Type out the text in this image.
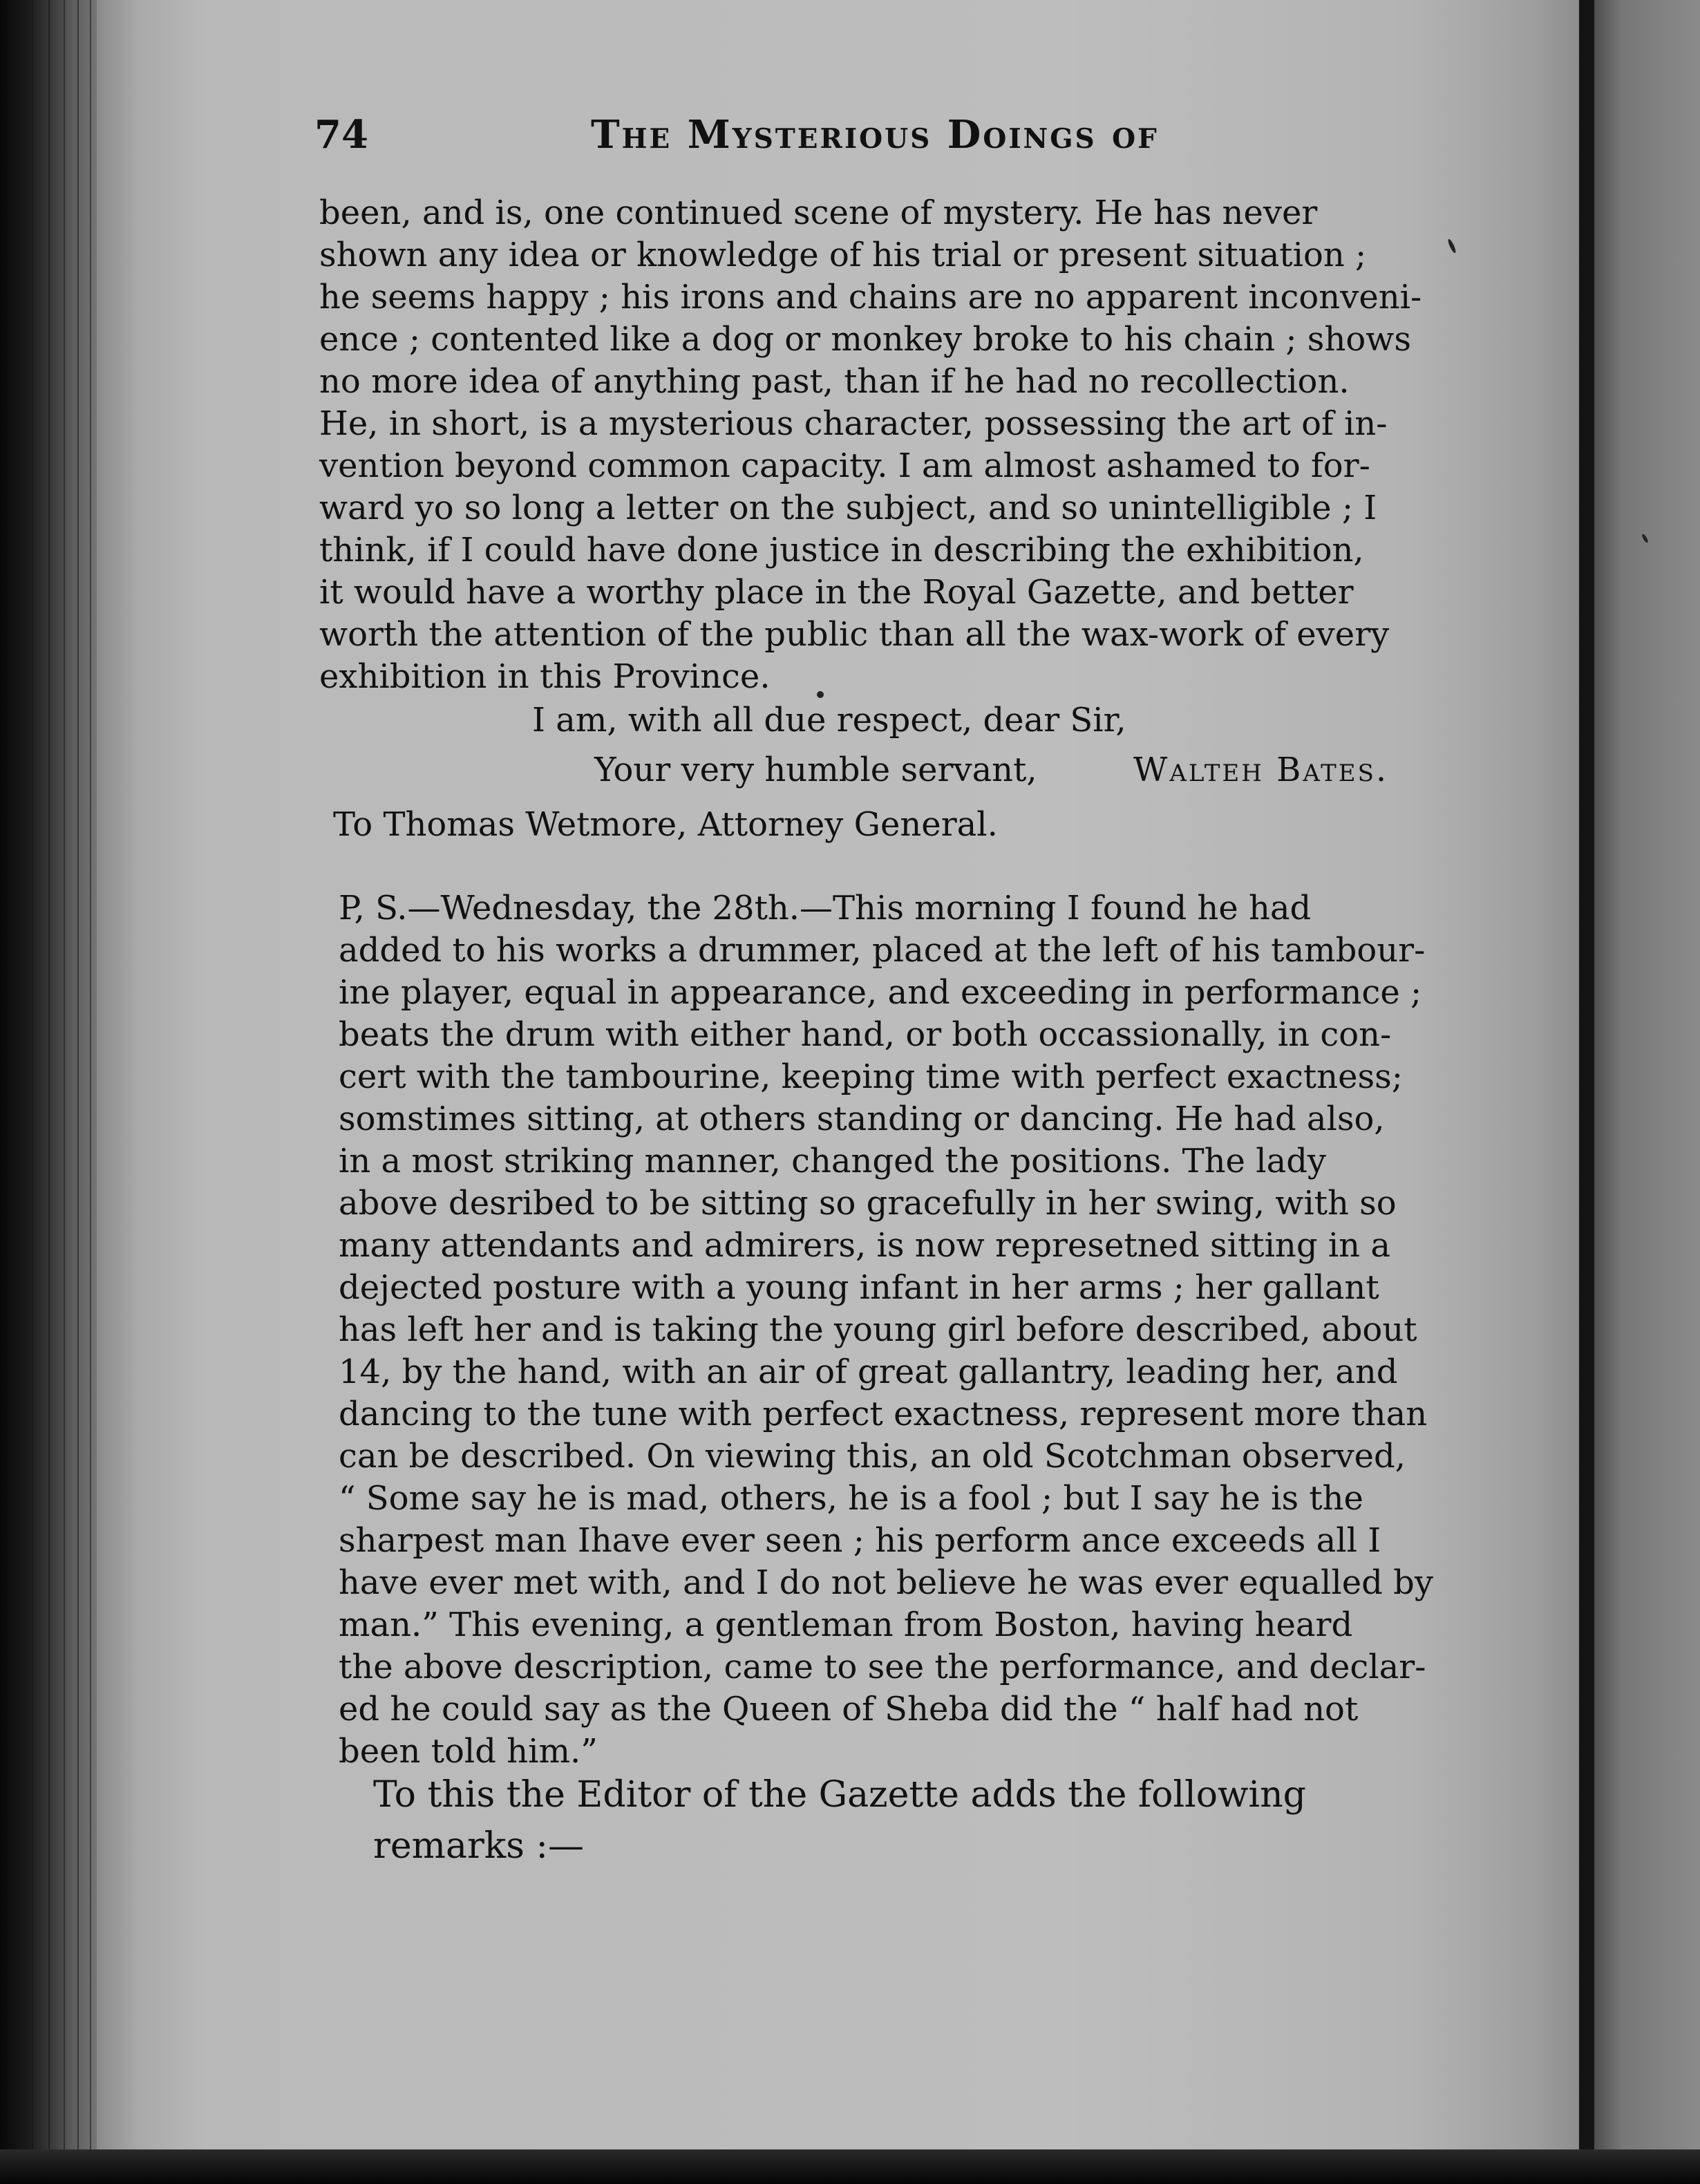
74	The Mysterious Doings of
been, and is, one continued scene of mystery. He has never
shown any idea or knowledge of his trial or present situation ;
he seems happy ; his irons and chains are no apparent inconveni-
ence ; contented like a dog or monkey broke to his chain ; shows
no more idea of anything past, than if he had no recollection.
He, in short, is a mysterious character, possessing the art of in-
vention beyond common capacity. I am almost ashamed to for-
ward yo so long a letter on the subject, and so unintelligible ; I
think, if I could have done justice in describing the exhibition,
it would have a worthy place in the Royal Gazette, and better
worth the attention of the public than all the wax-work of every
exhibition in this Province.
I am, with all due respect, dear Sir,
Your very humble servant,	Walteh Bates.
To Thomas Wetmore, Attorney General.
P, S.—Wednesday, the 28th.—This morning I found he had
added to his works a drummer, placed at the left of his tambour-
ine player, equal in appearance, and exceeding in performance ;
beats the drum with either hand, or both occassionally, in con-
cert with the tambourine, keeping time with perfect exactness;
somstimes sitting, at others standing or dancing. He had also,
in a most striking manner, changed the positions. The lady
above desribed to be sitting so gracefully in her swing, with so
many attendants and admirers, is now represetned sitting in a
dejected posture with a young infant in her arms ; her gallant
has left her and is taking the young girl before described, about
14, by the hand, with an air of great gallantry, leading her, and
dancing to the tune with perfect exactness, represent more than
can be described. On viewing this, an old Scotchman observed,
“ Some say he is mad, others, he is a fool ; but I say he is the
sharpest man Ihave ever seen ; his perform ance exceeds all I
have ever met with, and I do not believe he was ever equalled by
man.” This evening, a gentleman from Boston, having heard
the above description, came to see the performance, and declar-
ed he could say as the Queen of Sheba did the “ half had not
been told him.”
To this the Editor of the Gazette adds the following
remarks :—
